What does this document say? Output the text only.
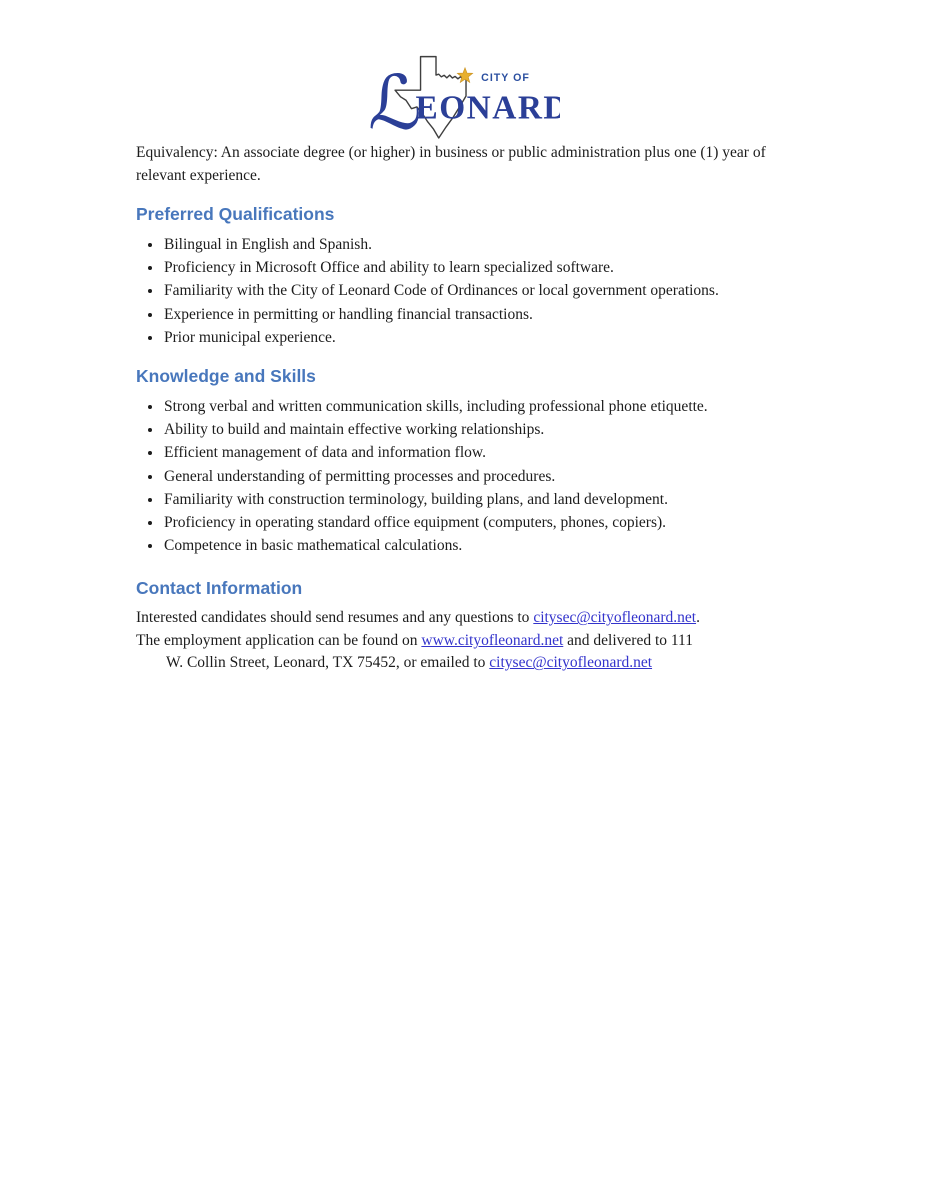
CITY OF
ℒ
EONARD

Equivalency: An associate degree (or higher) in business or public administration plus one (1) year of relevant experience.

Preferred Qualifications
• Bilingual in English and Spanish.
• Proficiency in Microsoft Office and ability to learn specialized software.
• Familiarity with the City of Leonard Code of Ordinances or local government operations.
• Experience in permitting or handling financial transactions.
• Prior municipal experience.
Knowledge and Skills
• Strong verbal and written communication skills, including professional phone etiquette.
• Ability to build and maintain effective working relationships.
• Efficient management of data and information flow.
• General understanding of permitting processes and procedures.
• Familiarity with construction terminology, building plans, and land development.
• Proficiency in operating standard office equipment (computers, phones, copiers).
• Competence in basic mathematical calculations.
Contact Information

Interested candidates should send resumes and any questions to citysec@cityofleonard.net.
The employment application can be found on www.cityofleonard.net and delivered to 111
W. Collin Street, Leonard, TX 75452, or emailed to citysec@cityofleonard.net
